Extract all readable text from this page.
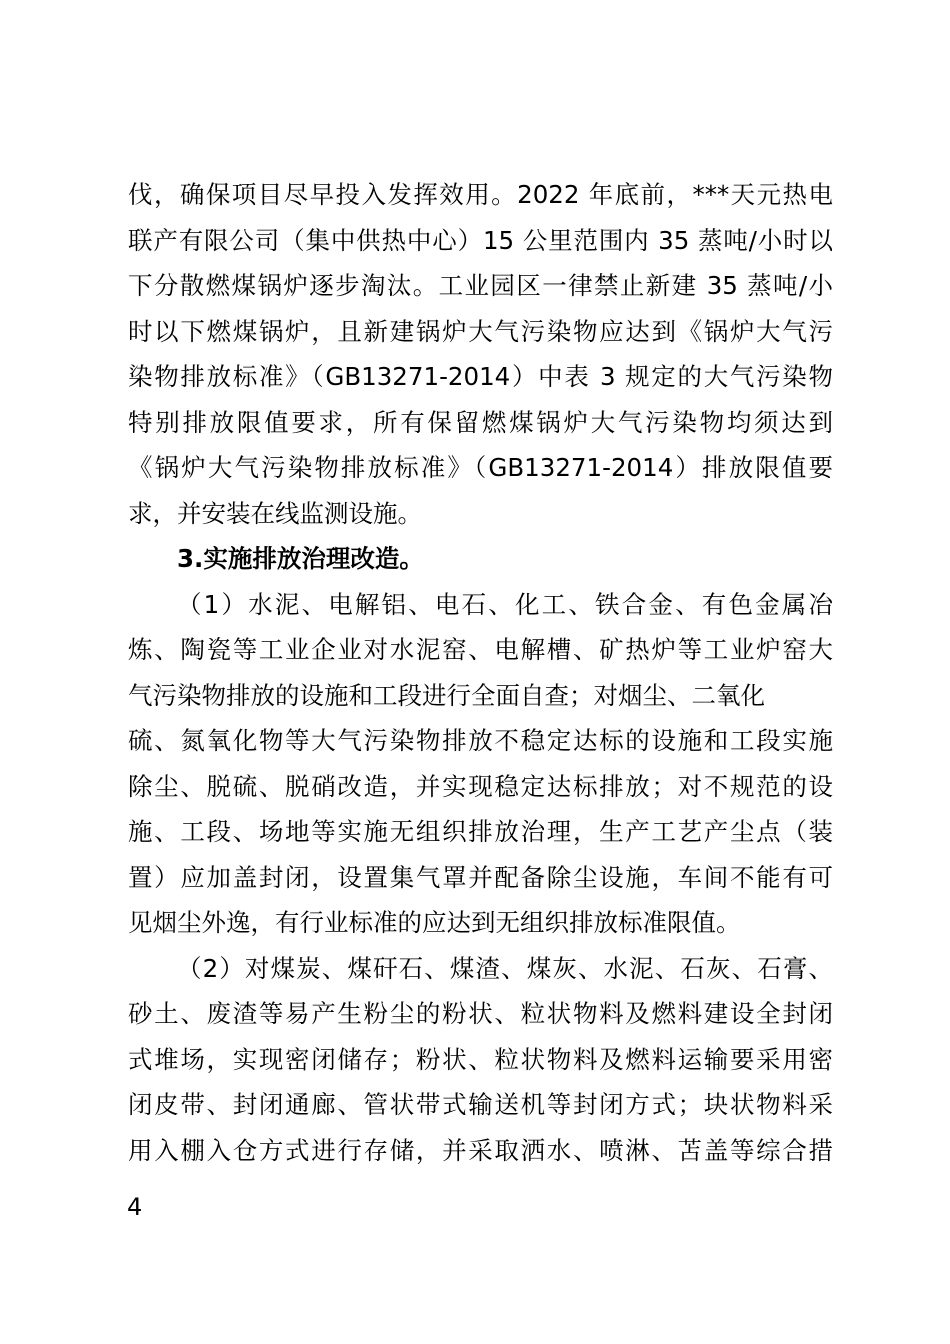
伐，确保项目尽早投入发挥效用。2022 年底前，***天元热电
联产有限公司（集中供热中心）15 公里范围内 35 蒸吨/小时以
下分散燃煤锅炉逐步淘汰。工业园区一律禁止新建 35 蒸吨/小
时以下燃煤锅炉，且新建锅炉大气污染物应达到《锅炉大气污
染物排放标准》（GB13271-2014）中表 3 规定的大气污染物
特别排放限值要求，所有保留燃煤锅炉大气污染物均须达到
《锅炉大气污染物排放标准》（GB13271-2014）排放限值要
求，并安装在线监测设施。
3.实施排放治理改造。
（1）水泥、电解铝、电石、化工、铁合金、有色金属冶
炼、陶瓷等工业企业对水泥窑、电解槽、矿热炉等工业炉窑大
气污染物排放的设施和工段进行全面自查；对烟尘、二氧化
硫、氮氧化物等大气污染物排放不稳定达标的设施和工段实施
除尘、脱硫、脱硝改造，并实现稳定达标排放；对不规范的设
施、工段、场地等实施无组织排放治理，生产工艺产尘点（装
置）应加盖封闭，设置集气罩并配备除尘设施，车间不能有可
见烟尘外逸，有行业标准的应达到无组织排放标准限值。
（2）对煤炭、煤矸石、煤渣、煤灰、水泥、石灰、石膏、
砂土、废渣等易产生粉尘的粉状、粒状物料及燃料建设全封闭
式堆场，实现密闭储存；粉状、粒状物料及燃料运输要采用密
闭皮带、封闭通廊、管状带式输送机等封闭方式；块状物料采
用入棚入仓方式进行存储，并采取洒水、喷淋、苫盖等综合措
4
